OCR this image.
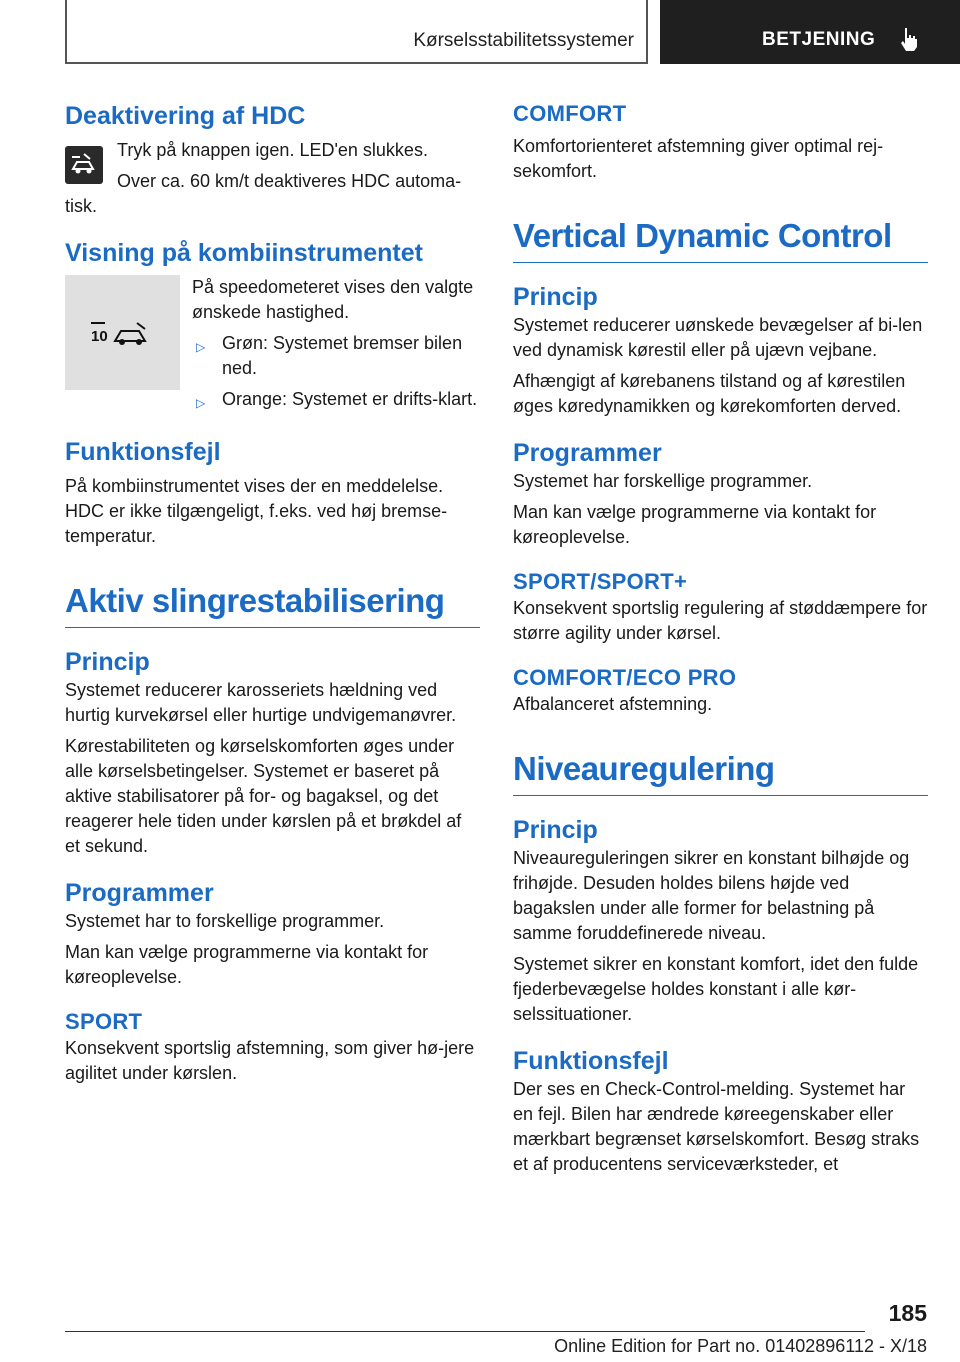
Kørselsstabilitetssystemer	BETJENING
Deaktivering af HDC

Tryk på knappen igen. LED'en slukkes.

Over ca. 60 km/t deaktiveres HDC automa-tisk.

Visning på kombiinstrumentet
10

På speedometeret vises den valgte ønskede hastighed.

▷ Grøn: Systemet bremser bilen ned.
▷ Orange: Systemet er drifts-klart.
Funktionsfejl

På kombiinstrumentet vises der en meddelelse. HDC er ikke tilgængeligt, f.eks. ved høj bremse-temperatur.

Aktiv slingrestabilisering
Princip

Systemet reducerer karosseriets hældning ved hurtig kurvekørsel eller hurtige undvigemanøvrer.

Kørestabiliteten og kørselskomforten øges under alle kørselsbetingelser. Systemet er baseret på aktive stabilisatorer på for- og bagaksel, og det reagerer hele tiden under kørslen på et brøkdel af et sekund.

Programmer

Systemet har to forskellige programmer.

Man kan vælge programmerne via kontakt for køreoplevelse.

SPORT

Konsekvent sportslig afstemning, som giver hø-jere agilitet under kørslen.

COMFORT

Komfortorienteret afstemning giver optimal rej-sekomfort.

Vertical Dynamic Control
Princip

Systemet reducerer uønskede bevægelser af bi-len ved dynamisk kørestil eller på ujævn vejbane.

Afhængigt af kørebanens tilstand og af kørestilen øges køredynamikken og kørekomforten derved.

Programmer

Systemet har forskellige programmer.

Man kan vælge programmerne via kontakt for køreoplevelse.

SPORT/SPORT+

Konsekvent sportslig regulering af støddæmpere for større agility under kørsel.

COMFORT/ECO PRO

Afbalanceret afstemning.

Niveauregulering
Princip

Niveaureguleringen sikrer en konstant bilhøjde og frihøjde. Desuden holdes bilens højde ved bagakslen under alle former for belastning på samme foruddefinerede niveau.

Systemet sikrer en konstant komfort, idet den fulde fjederbevægelse holdes konstant i alle kør-selssituationer.

Funktionsfejl

Der ses en Check-Control-melding. Systemet har en fejl. Bilen har ændrede køreegenskaber eller mærkbart begrænset kørselskomfort. Besøg straks et af producentens serviceværksteder, et

185
Online Edition for Part no. 01402896112 - X/18
